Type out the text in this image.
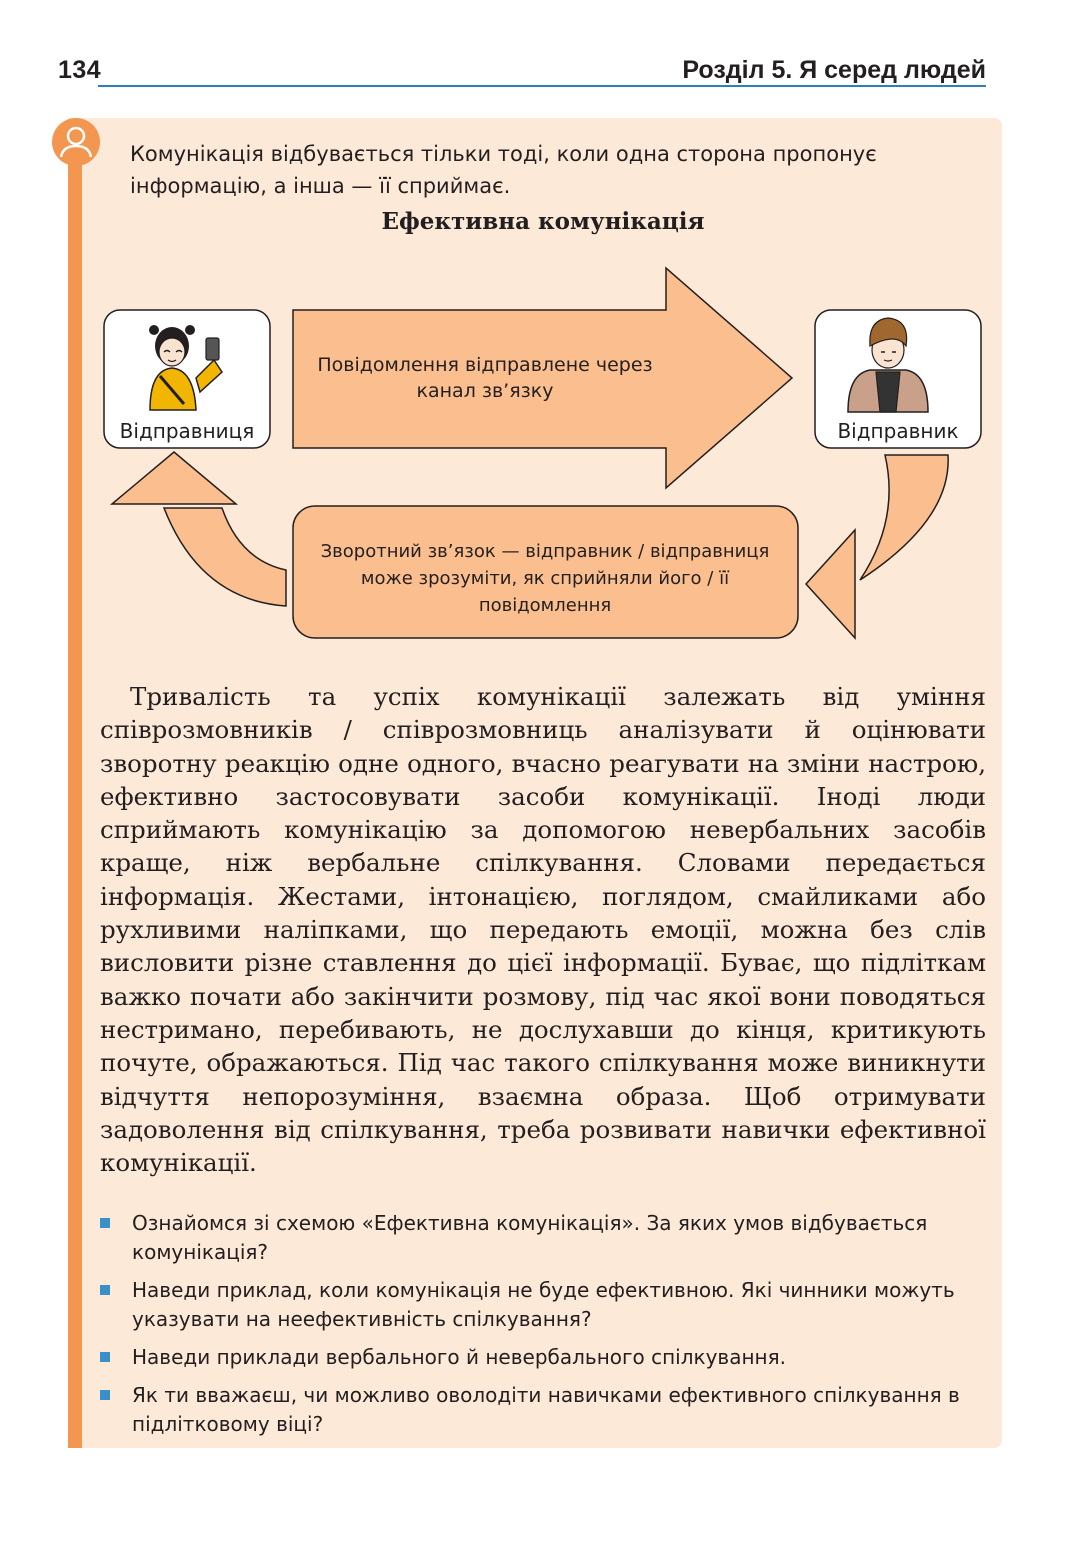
134	Розділ 5. Я серед людей
Комунікація відбувається тільки тоді, коли одна сторона пропонує інформацію, а інша — її сприймає.
Ефективна комунікація
Повідомлення відправлене через канал зв’язку
Зворотний зв’язок — відправник / відправниця може зрозуміти, як сприйняли його / її повідомлення
Відправниця	Відправник
Тривалість та успіх комунікації залежать від уміння співрозмовників / співрозмовниць аналізувати й оцінювати зворотну реакцію одне одного, вчасно реагувати на зміни настрою, ефективно застосовувати засоби комунікації. Іноді люди сприймають комунікацію за допомогою невербальних засобів краще, ніж вербальне спілкування. Словами передається інформація. Жестами, інтонацією, поглядом, смайликами або рухливими наліпками, що передають емоції, можна без слів висловити різне ставлення до цієї інформації. Буває, що підліткам важко почати або закінчити розмову, під час якої вони поводяться нестримано, перебивають, не дослухавши до кінця, критикують почуте, ображаються. Під час такого спілкування може виникнути відчуття непорозуміння, взаємна образа. Щоб отримувати задоволення від спілкування, треба розвивати навички ефективної комунікації.
Ознайомся зі схемою «Ефективна комунікація». За яких умов відбувається комунікація?
Наведи приклад, коли комунікація не буде ефективною. Які чинники можуть указувати на неефективність спілкування?
Наведи приклади вербального й невербального спілкування.
Як ти вважаєш, чи можливо оволодіти навичками ефективного спілкування в підлітковому віці?
